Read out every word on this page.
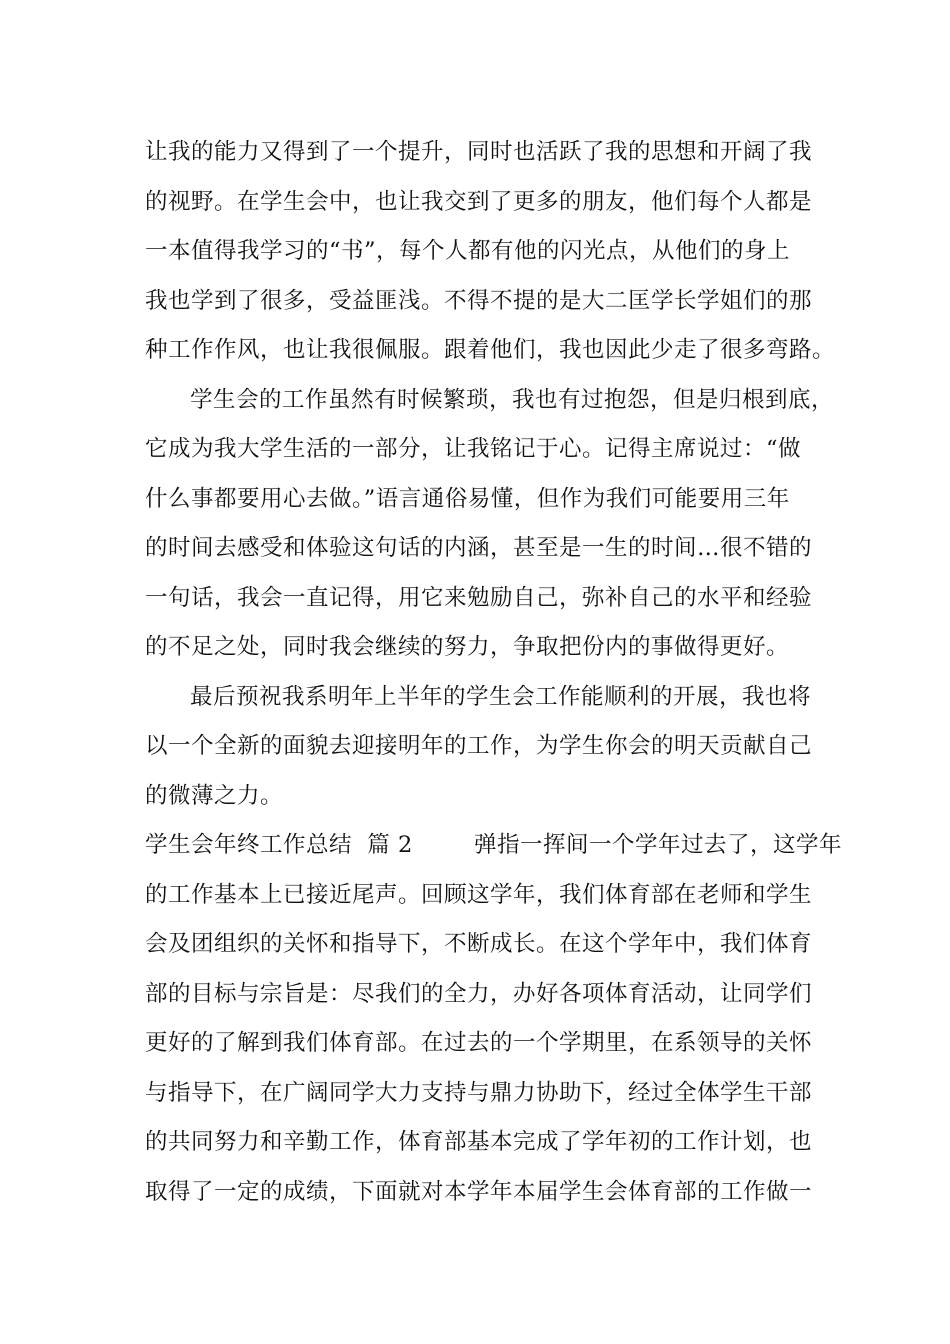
让我的能力又得到了一个提升，同时也活跃了我的思想和开阔了我
的视野。在学生会中，也让我交到了更多的朋友，他们每个人都是
一本值得我学习的“书”，每个人都有他的闪光点，从他们的身上
我也学到了很多，受益匪浅。不得不提的是大二匡学长学姐们的那
种工作作风，也让我很佩服。跟着他们，我也因此少走了很多弯路。
学生会的工作虽然有时候繁琐，我也有过抱怨，但是归根到底，
它成为我大学生活的一部分，让我铭记于心。记得主席说过：“做
什么事都要用心去做。”语言通俗易懂，但作为我们可能要用三年
的时间去感受和体验这句话的内涵，甚至是一生的时间…很不错的
一句话，我会一直记得，用它来勉励自己，弥补自己的水平和经验
的不足之处，同时我会继续的努力，争取把份内的事做得更好。
最后预祝我系明年上半年的学生会工作能顺利的开展，我也将
以一个全新的面貌去迎接明年的工作，为学生你会的明天贡献自己
的微薄之力。
学生会年终工作总结  篇 2        弹指一挥间一个学年过去了，这学年
的工作基本上已接近尾声。回顾这学年，我们体育部在老师和学生
会及团组织的关怀和指导下，不断成长。在这个学年中，我们体育
部的目标与宗旨是：尽我们的全力，办好各项体育活动，让同学们
更好的了解到我们体育部。在过去的一个学期里，在系领导的关怀
与指导下，在广阔同学大力支持与鼎力协助下，经过全体学生干部
的共同努力和辛勤工作，体育部基本完成了学年初的工作计划，也
取得了一定的成绩，下面就对本学年本届学生会体育部的工作做一
